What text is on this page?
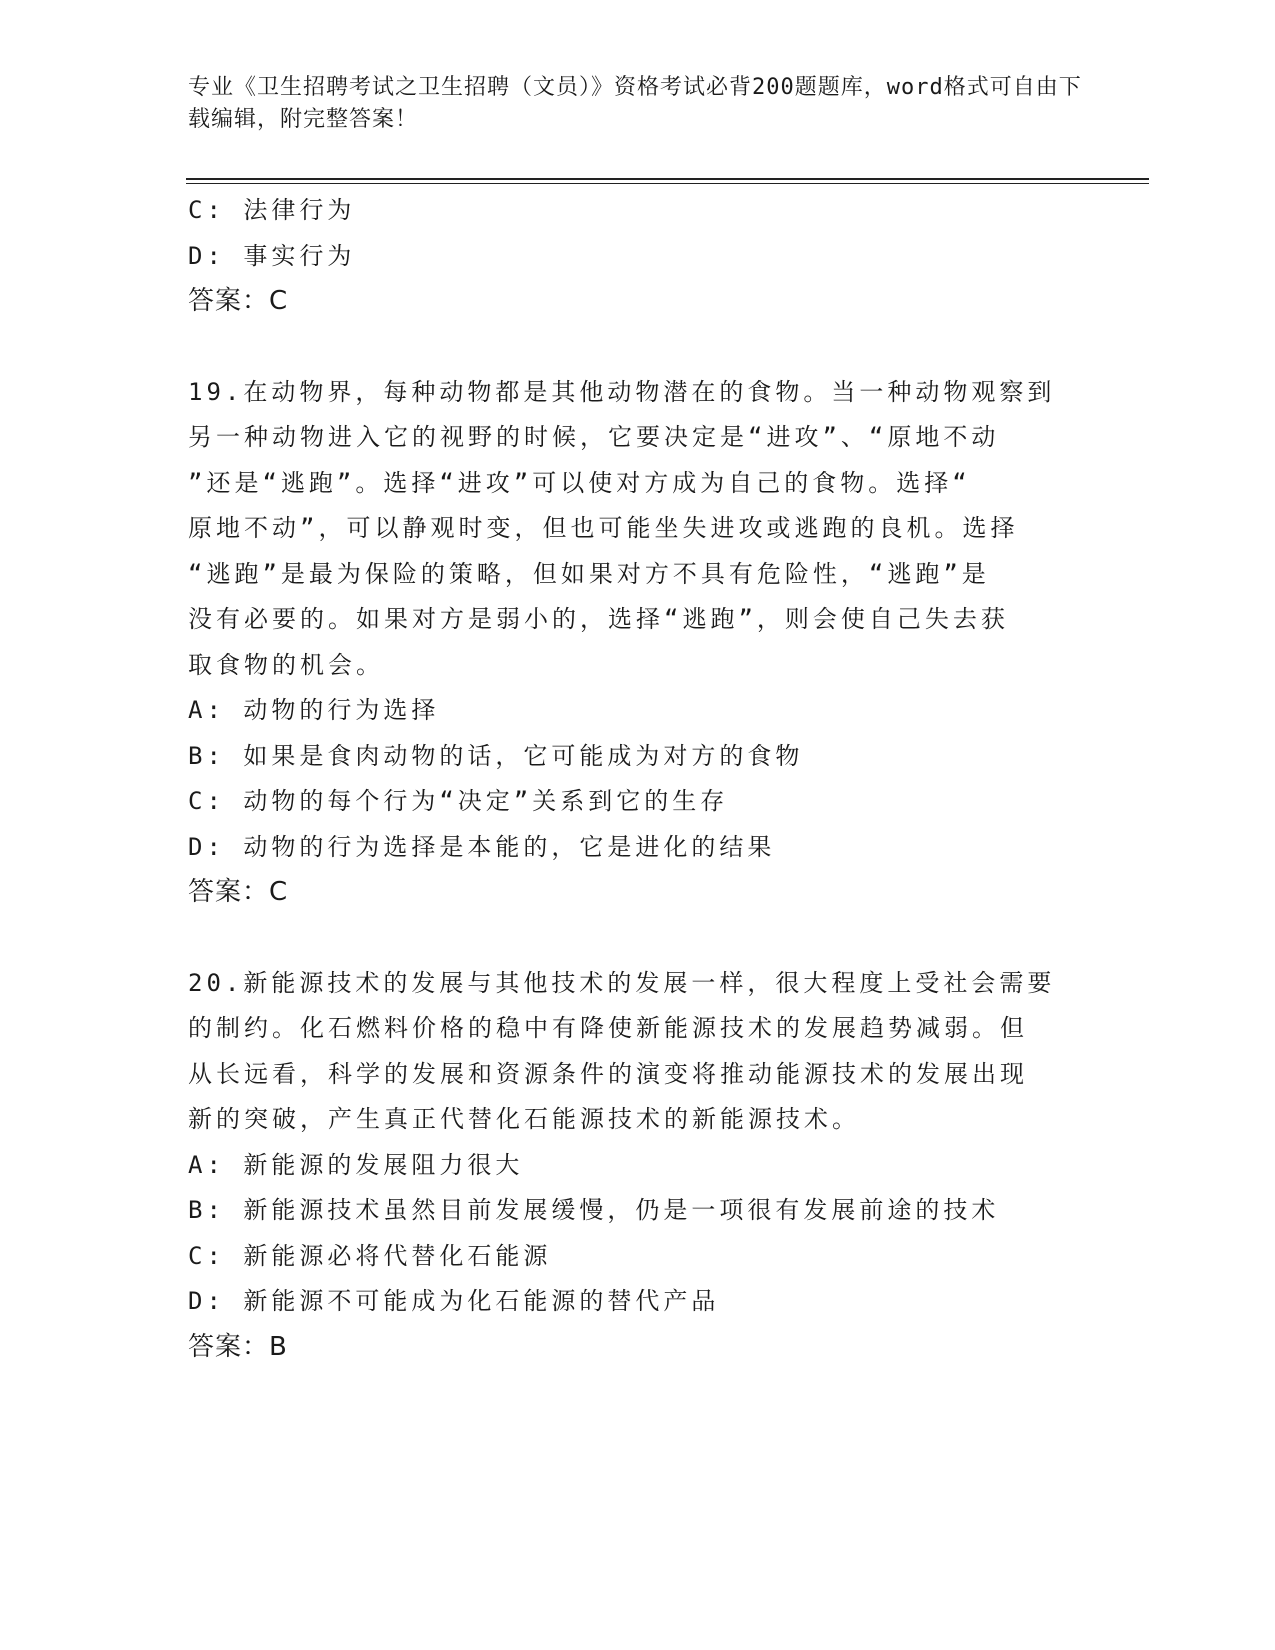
专业《卫生招聘考试之卫生招聘（文员）》资格考试必背200题题库，word格式可自由下载编辑，附完整答案！
C: 法律行为
D: 事实行为
答案：C
19.在动物界，每种动物都是其他动物潜在的食物。当一种动物观察到
另一种动物进入它的视野的时候，它要决定是“进攻”、“原地不动
”还是“逃跑”。选择“进攻”可以使对方成为自己的食物。选择“
原地不动”，可以静观时变，但也可能坐失进攻或逃跑的良机。选择
“逃跑”是最为保险的策略，但如果对方不具有危险性，“逃跑”是
没有必要的。如果对方是弱小的，选择“逃跑”，则会使自己失去获
取食物的机会。
A: 动物的行为选择
B: 如果是食肉动物的话，它可能成为对方的食物
C: 动物的每个行为“决定”关系到它的生存
D: 动物的行为选择是本能的，它是进化的结果
答案：C
20.新能源技术的发展与其他技术的发展一样，很大程度上受社会需要
的制约。化石燃料价格的稳中有降使新能源技术的发展趋势减弱。但
从长远看，科学的发展和资源条件的演变将推动能源技术的发展出现
新的突破，产生真正代替化石能源技术的新能源技术。
A: 新能源的发展阻力很大
B: 新能源技术虽然目前发展缓慢，仍是一项很有发展前途的技术
C: 新能源必将代替化石能源
D: 新能源不可能成为化石能源的替代产品
答案：B
